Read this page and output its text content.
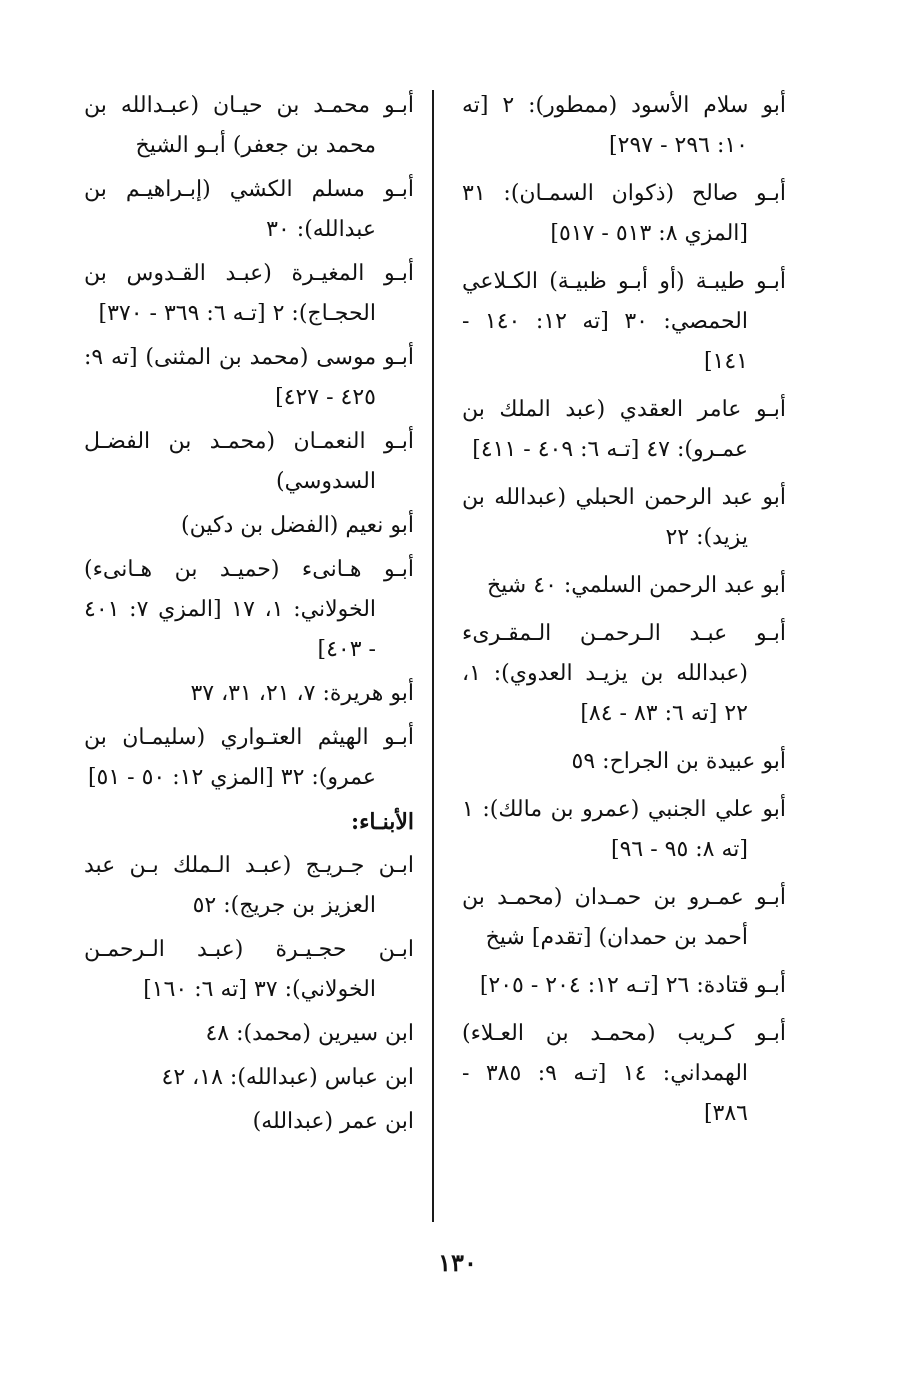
أبو سلام الأسود (ممطور): ٢ [ته ١٠: ٢٩٦ - ٢٩٧]

أبـو صالح (ذكوان السمـان): ٣١ [المزي ٨: ٥١٣ - ٥١٧]

أبـو طيبـة (أو أبـو ظبيـة) الكـلاعي الحمصي: ٣٠ [ته ١٢: ١٤٠ - ١٤١]

أبـو عامر العقدي (عبد الملك بن عمـرو): ٤٧ [تـه ٦: ٤٠٩ - ٤١١]

أبو عبد الرحمن الحبلي (عبدالله بن يزيد): ٢٢

أبو عبد الرحمن السلمي: ٤٠ شيخ

أبـو عبـد الـرحمـن الـمقـرىء (عبدالله بن يزيـد العدوي): ١، ٢٢ [ته ٦: ٨٣ - ٨٤]

أبو عبيدة بن الجراح: ٥٩

أبو علي الجنبي (عمرو بن مالك): ١ [ته ٨: ٩٥ - ٩٦]

أبـو عمـرو بن حمـدان (محمـد بن أحمد بن حمدان) [تقدم] شيخ

أبـو قتادة: ٢٦ [تـه ١٢: ٢٠٤ - ٢٠٥]

أبـو كـريب (محمـد بن العـلاء) الهمداني: ١٤ [تـه ٩: ٣٨٥ - ٣٨٦]

أبـو محمـد بن حيـان (عبـدالله بن محمد بن جعفر) أبـو الشيخ

أبـو مسلم الكشي (إبـراهيـم بن عبدالله): ٣٠

أبـو المغيـرة (عبـد القـدوس بن الحجـاج): ٢ [تـه ٦: ٣٦٩ - ٣٧٠]

أبـو موسى (محمد بن المثنى) [ته ٩: ٤٢٥ - ٤٢٧]

أبـو النعمـان (محمـد بن الفضـل السدوسي)

أبو نعيم (الفضل بن دكين)

أبـو هـانىء (حميـد بن هـانىء) الخولاني: ١، ١٧ [المزي ٧: ٤٠١ - ٤٠٣]

أبو هريرة: ٧، ٢١، ٣١، ٣٧

أبـو الهيثم العتـواري (سليمـان بن عمرو): ٣٢ [المزي ١٢: ٥٠ - ٥١]

الأبنـاء:

ابـن جـريـج (عبـد الـملك بـن عبد العزيز بن جريج): ٥٢

ابـن حجـيـرة (عبـد الـرحمـن الخولاني): ٣٧ [ته ٦: ١٦٠]

ابن سيرين (محمد): ٤٨

ابن عباس (عبدالله): ١٨، ٤٢

ابن عمر (عبدالله)

١٣٠
